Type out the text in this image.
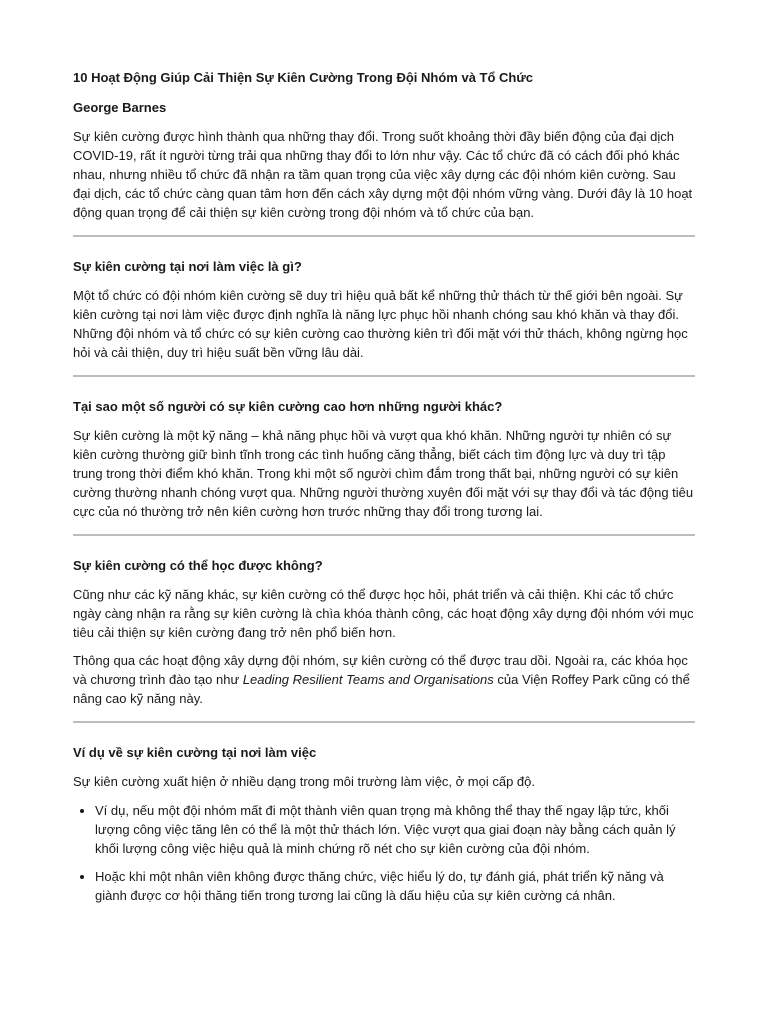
10 Hoạt Động Giúp Cải Thiện Sự Kiên Cường Trong Đội Nhóm và Tổ Chức

George Barnes

Sự kiên cường được hình thành qua những thay đổi. Trong suốt khoảng thời đầy biến động của đại dịch COVID-19, rất ít người từng trải qua những thay đổi to lớn như vậy. Các tổ chức đã có cách đối phó khác nhau, nhưng nhiều tổ chức đã nhận ra tầm quan trọng của việc xây dựng các đội nhóm kiên cường. Sau đại dịch, các tổ chức càng quan tâm hơn đến cách xây dựng một đội nhóm vững vàng. Dưới đây là 10 hoạt động quan trọng để cải thiện sự kiên cường trong đội nhóm và tổ chức của bạn.

Sự kiên cường tại nơi làm việc là gì?

Một tổ chức có đội nhóm kiên cường sẽ duy trì hiệu quả bất kể những thử thách từ thế giới bên ngoài. Sự kiên cường tại nơi làm việc được định nghĩa là năng lực phục hồi nhanh chóng sau khó khăn và thay đổi. Những đội nhóm và tổ chức có sự kiên cường cao thường kiên trì đối mặt với thử thách, không ngừng học hỏi và cải thiện, duy trì hiệu suất bền vững lâu dài.

Tại sao một số người có sự kiên cường cao hơn những người khác?

Sự kiên cường là một kỹ năng – khả năng phục hồi và vượt qua khó khăn. Những người tự nhiên có sự kiên cường thường giữ bình tĩnh trong các tình huống căng thẳng, biết cách tìm động lực và duy trì tập trung trong thời điểm khó khăn. Trong khi một số người chìm đắm trong thất bại, những người có sự kiên cường thường nhanh chóng vượt qua. Những người thường xuyên đối mặt với sự thay đổi và tác động tiêu cực của nó thường trở nên kiên cường hơn trước những thay đổi trong tương lai.

Sự kiên cường có thể học được không?

Cũng như các kỹ năng khác, sự kiên cường có thể được học hỏi, phát triển và cải thiện. Khi các tổ chức ngày càng nhận ra rằng sự kiên cường là chìa khóa thành công, các hoạt động xây dựng đội nhóm với mục tiêu cải thiện sự kiên cường đang trở nên phổ biến hơn.

Thông qua các hoạt động xây dựng đội nhóm, sự kiên cường có thể được trau dồi. Ngoài ra, các khóa học và chương trình đào tạo như Leading Resilient Teams and Organisations của Viện Roffey Park cũng có thể nâng cao kỹ năng này.

Ví dụ về sự kiên cường tại nơi làm việc

Sự kiên cường xuất hiện ở nhiều dạng trong môi trường làm việc, ở mọi cấp độ.

• Ví dụ, nếu một đội nhóm mất đi một thành viên quan trọng mà không thể thay thế ngay lập tức, khối lượng công việc tăng lên có thể là một thử thách lớn. Việc vượt qua giai đoạn này bằng cách quản lý khối lượng công việc hiệu quả là minh chứng rõ nét cho sự kiên cường của đội nhóm.
• Hoặc khi một nhân viên không được thăng chức, việc hiểu lý do, tự đánh giá, phát triển kỹ năng và giành được cơ hội thăng tiến trong tương lai cũng là dấu hiệu của sự kiên cường cá nhân.
